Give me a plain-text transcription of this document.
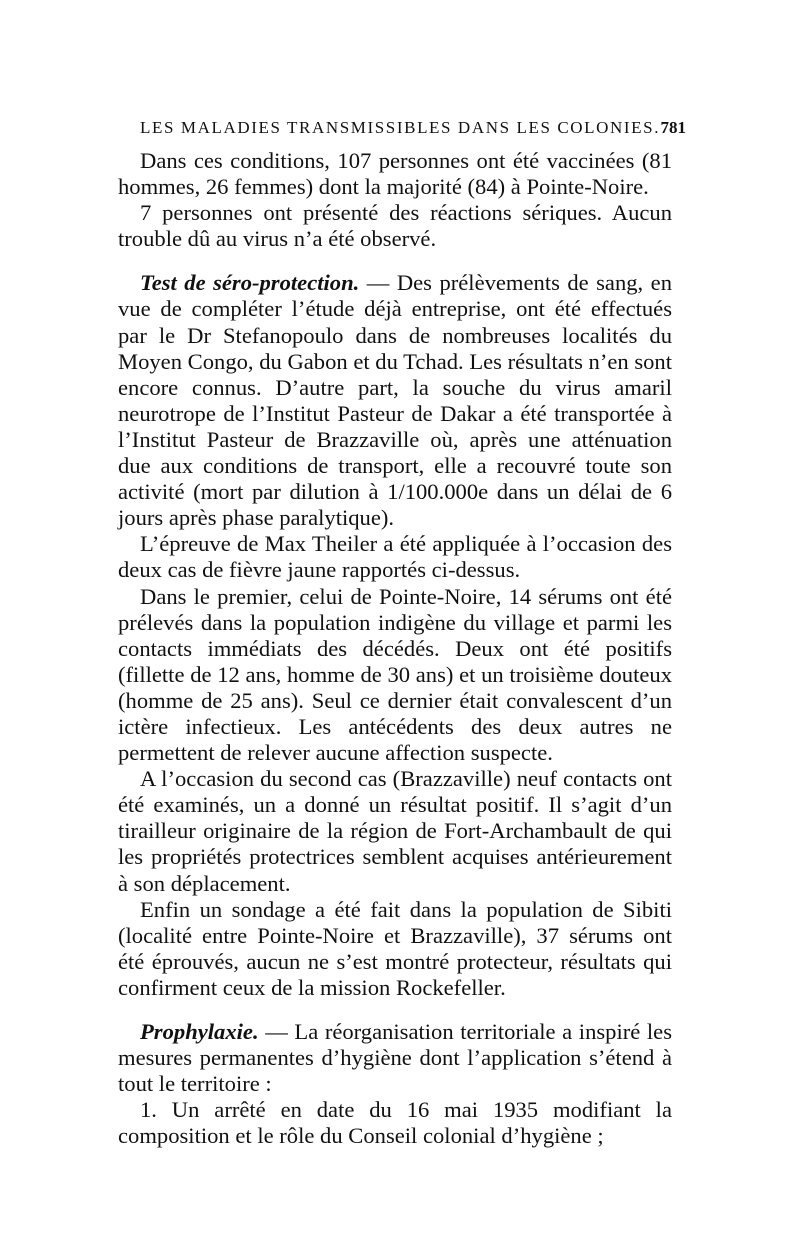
LES MALADIES TRANSMISSIBLES DANS LES COLONIES. 781

Dans ces conditions, 107 personnes ont été vaccinées (81 hommes, 26 femmes) dont la majorité (84) à Pointe-Noire.

7 personnes ont présenté des réactions sériques. Aucun trouble dû au virus n’a été observé.

Test de séro-protection. — Des prélèvements de sang, en vue de compléter l’étude déjà entreprise, ont été effectués par le Dr Stefanopoulo dans de nombreuses localités du Moyen Congo, du Gabon et du Tchad. Les résultats n’en sont encore connus. D’autre part, la souche du virus amaril neurotrope de l’Institut Pasteur de Dakar a été transportée à l’Institut Pasteur de Brazzaville où, après une atténuation due aux conditions de transport, elle a recouvré toute son activité (mort par dilution à 1/100.000e dans un délai de 6 jours après phase paralytique).

L’épreuve de Max Theiler a été appliquée à l’occasion des deux cas de fièvre jaune rapportés ci-dessus.

Dans le premier, celui de Pointe-Noire, 14 sérums ont été prélevés dans la population indigène du village et parmi les contacts immédiats des décédés. Deux ont été positifs (fillette de 12 ans, homme de 30 ans) et un troisième douteux (homme de 25 ans). Seul ce dernier était convalescent d’un ictère infectieux. Les antécédents des deux autres ne permettent de relever aucune affection suspecte.

A l’occasion du second cas (Brazzaville) neuf contacts ont été examinés, un a donné un résultat positif. Il s’agit d’un tirailleur originaire de la région de Fort-Archambault de qui les propriétés protectrices semblent acquises antérieurement à son déplacement.

Enfin un sondage a été fait dans la population de Sibiti (localité entre Pointe-Noire et Brazzaville), 37 sérums ont été éprouvés, aucun ne s’est montré protecteur, résultats qui confirment ceux de la mission Rockefeller.

Prophylaxie. — La réorganisation territoriale a inspiré les mesures permanentes d’hygiène dont l’application s’étend à tout le territoire :

1. Un arrêté en date du 16 mai 1935 modifiant la composition et le rôle du Conseil colonial d’hygiène ;
